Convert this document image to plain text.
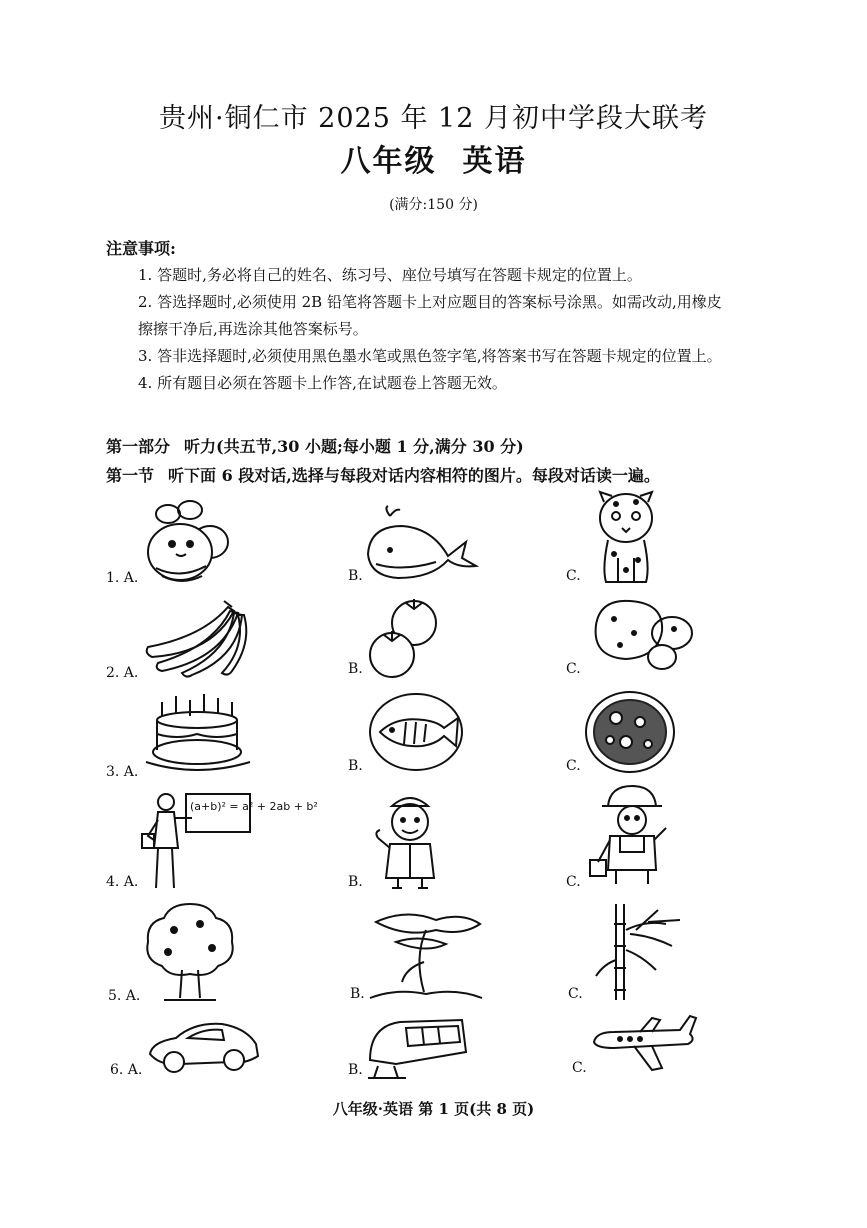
贵州·铜仁市 2025 年 12 月初中学段大联考
八年级 英语
(满分:150 分)
注意事项:
1. 答题时,务必将自己的姓名、练习号、座位号填写在答题卡规定的位置上。
2. 答选择题时,必须使用 2B 铅笔将答题卡上对应题目的答案标号涂黑。如需改动,用橡皮
擦擦干净后,再选涂其他答案标号。
3. 答非选择题时,必须使用黑色墨水笔或黑色签字笔,将答案书写在答题卡规定的位置上。
4. 所有题目必须在答题卡上作答,在试题卷上答题无效。
第一部分 听力(共五节,30 小题;每小题 1 分,满分 30 分)
第一节 听下面 6 段对话,选择与每段对话内容相符的图片。每段对话读一遍。
1. A.	B.	C.
2. A.	B.	C.
3. A.	B.	C.
4. A.
(a+b)² = a² + 2ab + b²
B.	C.
5. A.	B.	C.
6. A.	B.	C.
八年级·英语 第 1 页(共 8 页)
